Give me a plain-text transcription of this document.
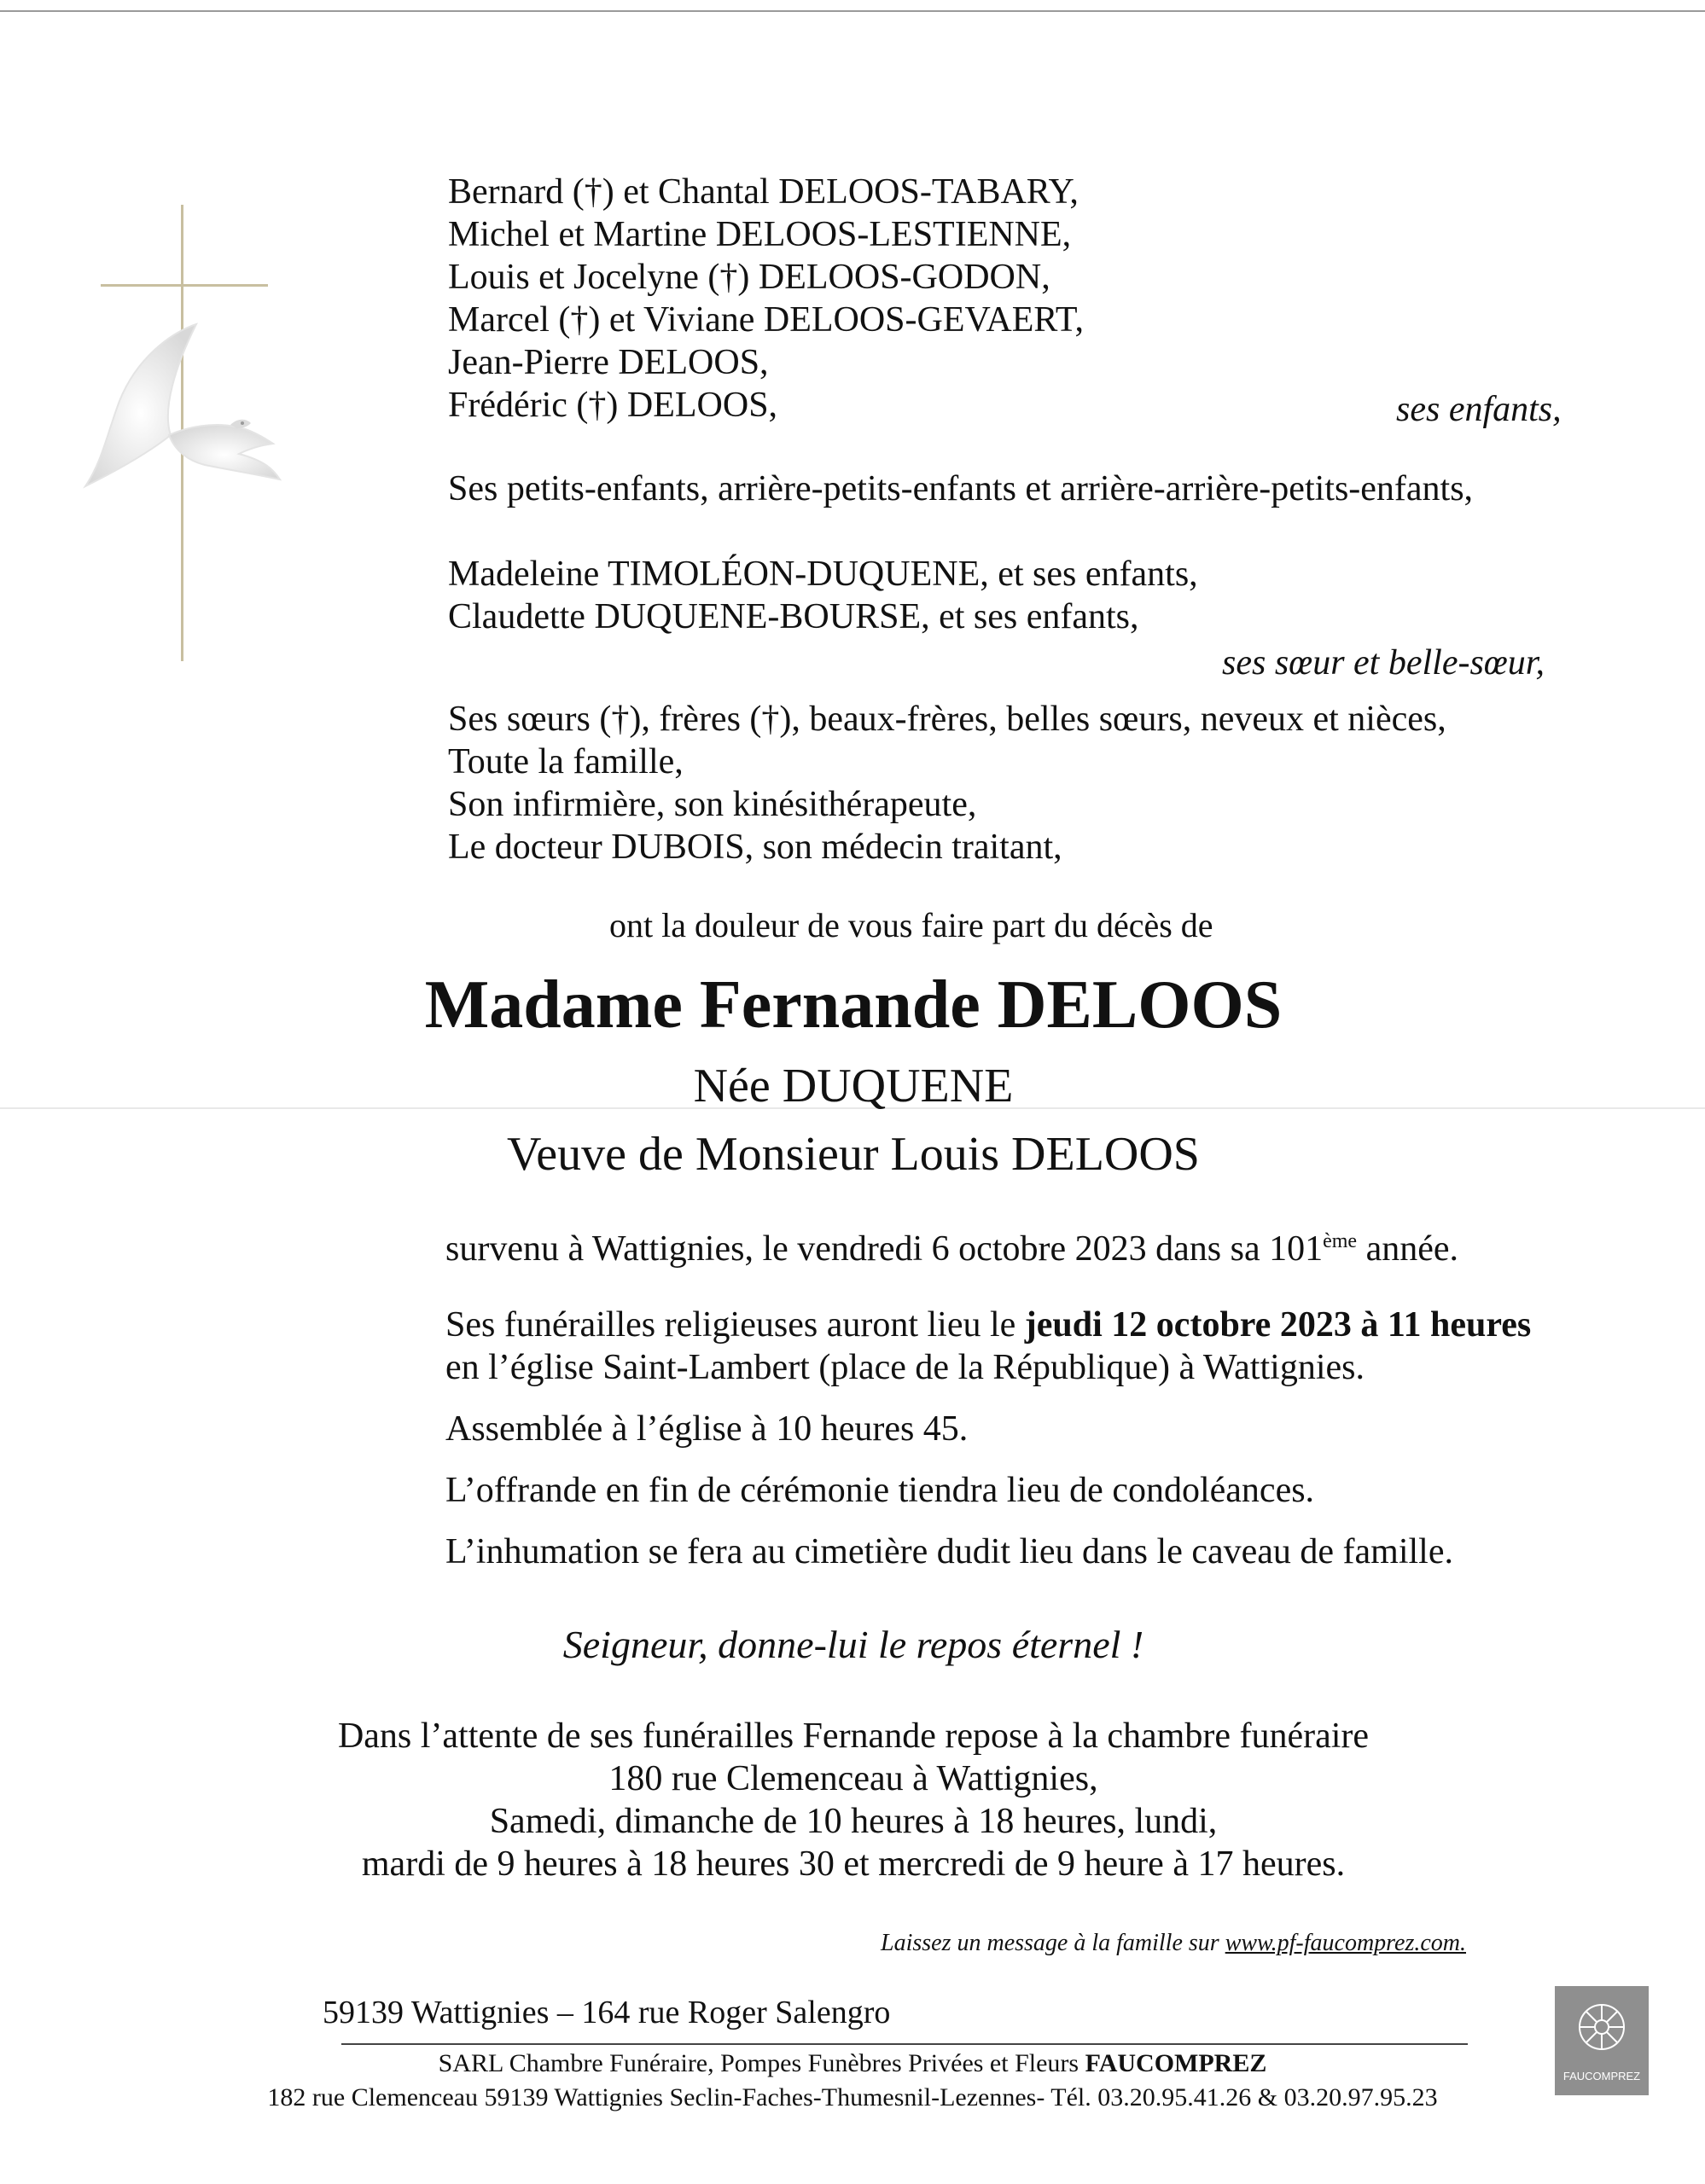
Bernard (†) et Chantal DELOOS-TABARY,
Michel et Martine DELOOS-LESTIENNE,
Louis et Jocelyne (†) DELOOS-GODON,
Marcel (†) et Viviane DELOOS-GEVAERT,
Jean-Pierre DELOOS,
Frédéric (†) DELOOS,	ses enfants,
Ses petits-enfants, arrière-petits-enfants et arrière-arrière-petits-enfants,
Madeleine TIMOLÉON-DUQUENE, et ses enfants,
Claudette DUQUENE-BOURSE, et ses enfants,
ses sœur et belle-sœur,
Ses sœurs (†), frères (†), beaux-frères, belles sœurs, neveux et nièces,
Toute la famille,
Son infirmière, son kinésithérapeute,
Le docteur DUBOIS, son médecin traitant,
ont la douleur de vous faire part du décès de
Madame Fernande DELOOS
Née DUQUENE
Veuve de Monsieur Louis DELOOS
survenu à Wattignies, le vendredi 6 octobre 2023 dans sa 101ème année.
Ses funérailles religieuses auront lieu le jeudi 12 octobre 2023 à 11 heures
en l’église Saint-Lambert (place de la République) à Wattignies.
Assemblée à l’église à 10 heures 45.
L’offrande en fin de cérémonie tiendra lieu de condoléances.
L’inhumation se fera au cimetière dudit lieu dans le caveau de famille.
Seigneur, donne-lui le repos éternel !
Dans l’attente de ses funérailles Fernande repose à la chambre funéraire
180 rue Clemenceau à Wattignies,
Samedi, dimanche de 10 heures à 18 heures, lundi,
mardi de 9 heures à 18 heures 30 et mercredi de 9 heure à 17 heures.
Laissez un message à la famille sur www.pf-faucomprez.com.
59139 Wattignies – 164 rue Roger Salengro
SARL Chambre Funéraire, Pompes Funèbres Privées et Fleurs FAUCOMPREZ
182 rue Clemenceau 59139 Wattignies Seclin-Faches-Thumesnil-Lezennes- Tél. 03.20.95.41.26 & 03.20.97.95.23
FAUCOMPREZ
